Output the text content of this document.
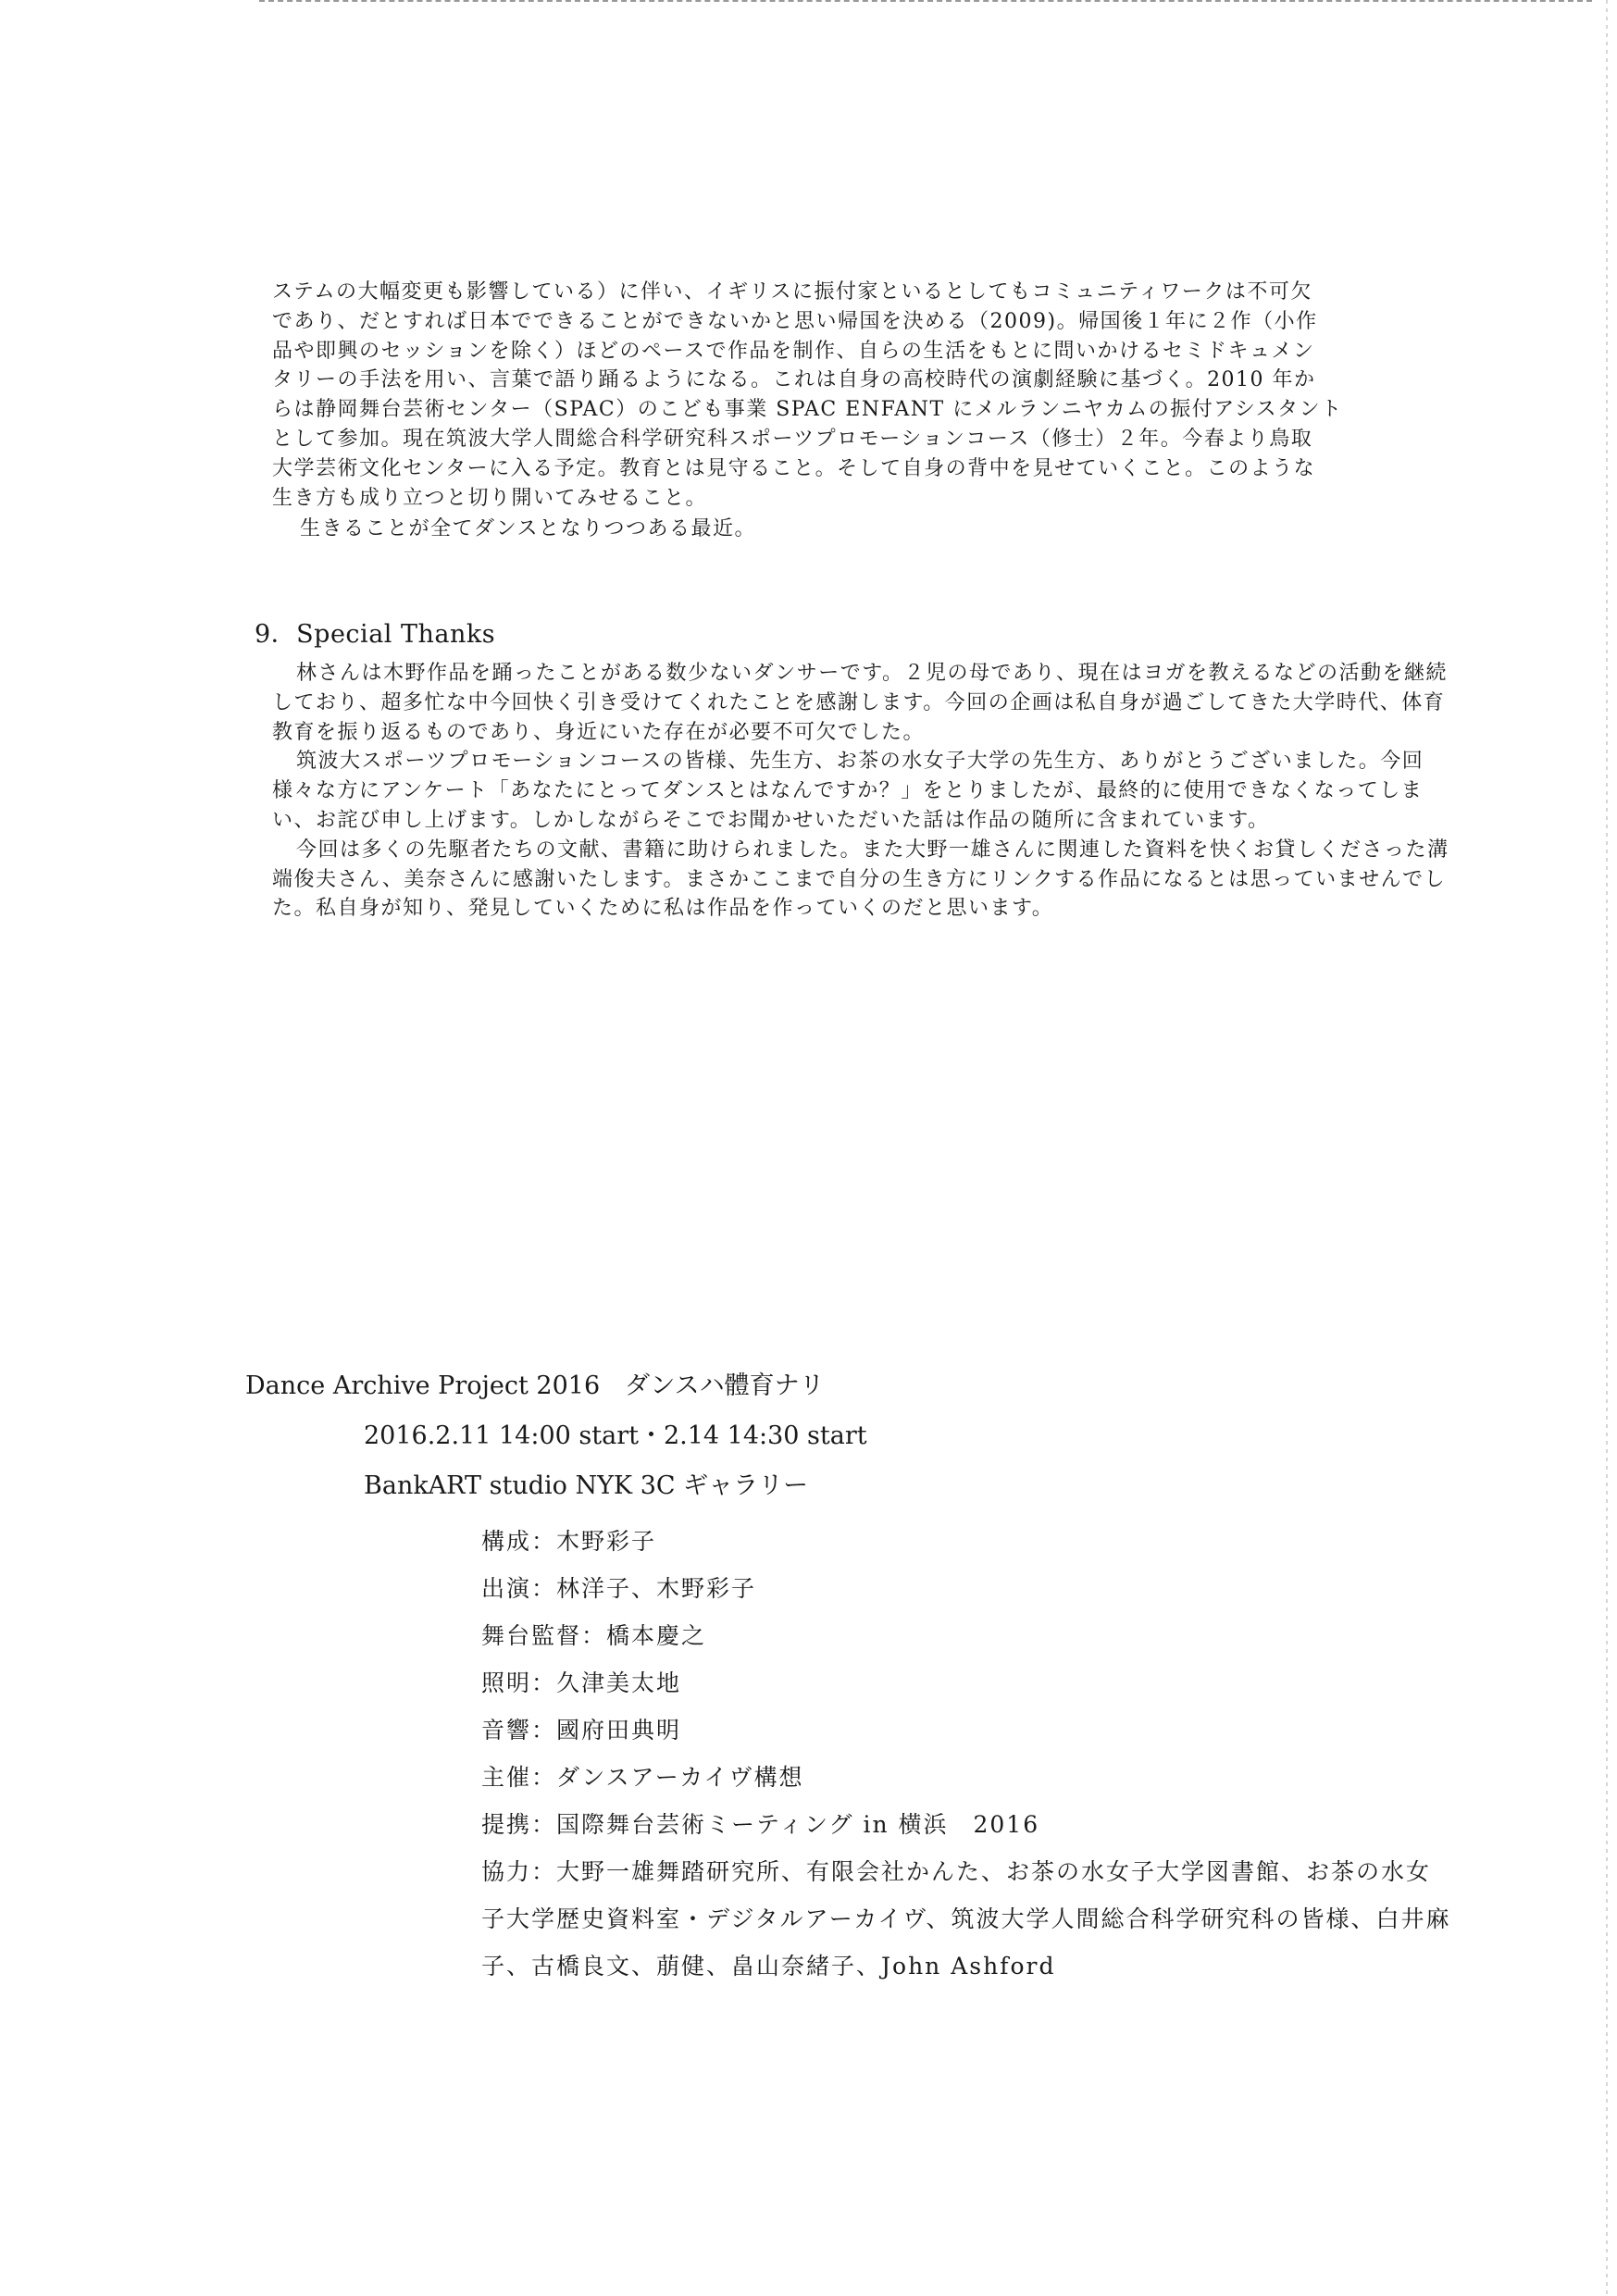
ステムの大幅変更も影響している）に伴い、イギリスに振付家といるとしてもコミュニティワークは不可欠

であり、だとすれば日本でできることができないかと思い帰国を決める（2009)。帰国後１年に２作（小作

品や即興のセッションを除く）ほどのペースで作品を制作、自らの生活をもとに問いかけるセミドキュメン

タリーの手法を用い、言葉で語り踊るようになる。これは自身の高校時代の演劇経験に基づく。2010 年か

らは静岡舞台芸術センター（SPAC）のこども事業 SPAC ENFANT にメルランニヤカムの振付アシスタント

として参加。現在筑波大学人間総合科学研究科スポーツプロモーションコース（修士）２年。今春より鳥取

大学芸術文化センターに入る予定。教育とは見守ること。そして自身の背中を見せていくこと。このような

生き方も成り立つと切り開いてみせること。

生きることが全てダンスとなりつつある最近。

9．Special Thanks

林さんは木野作品を踊ったことがある数少ないダンサーです。２児の母であり、現在はヨガを教えるなどの活動を継続しており、超多忙な中今回快く引き受けてくれたことを感謝します。今回の企画は私自身が過ごしてきた大学時代、体育教育を振り返るものであり、身近にいた存在が必要不可欠でした。

筑波大スポーツプロモーションコースの皆様、先生方、お茶の水女子大学の先生方、ありがとうございました。今回様々な方にアンケート「あなたにとってダンスとはなんですか？」をとりましたが、最終的に使用できなくなってしまい、お詫び申し上げます。しかしながらそこでお聞かせいただいた話は作品の随所に含まれています。

今回は多くの先駆者たちの文献、書籍に助けられました。また大野一雄さんに関連した資料を快くお貸しくださった溝端俊夫さん、美奈さんに感謝いたします。まさかここまで自分の生き方にリンクする作品になるとは思っていませんでした。私自身が知り、発見していくために私は作品を作っていくのだと思います。

Dance Archive Project 2016　ダンスハ體育ナリ

2016.2.11 14:00 start・2.14 14:30 start

BankART studio NYK 3C ギャラリー

構成：木野彩子
出演：林洋子、木野彩子
舞台監督：橋本慶之
照明：久津美太地
音響：國府田典明
主催：ダンスアーカイヴ構想
提携：国際舞台芸術ミーティング in 横浜　2016
協力：大野一雄舞踏研究所、有限会社かんた、お茶の水女子大学図書館、お茶の水女子大学歴史資料室・デジタルアーカイヴ、筑波大学人間総合科学研究科の皆様、白井麻子、古橋良文、萠健、畠山奈緒子、John Ashford
